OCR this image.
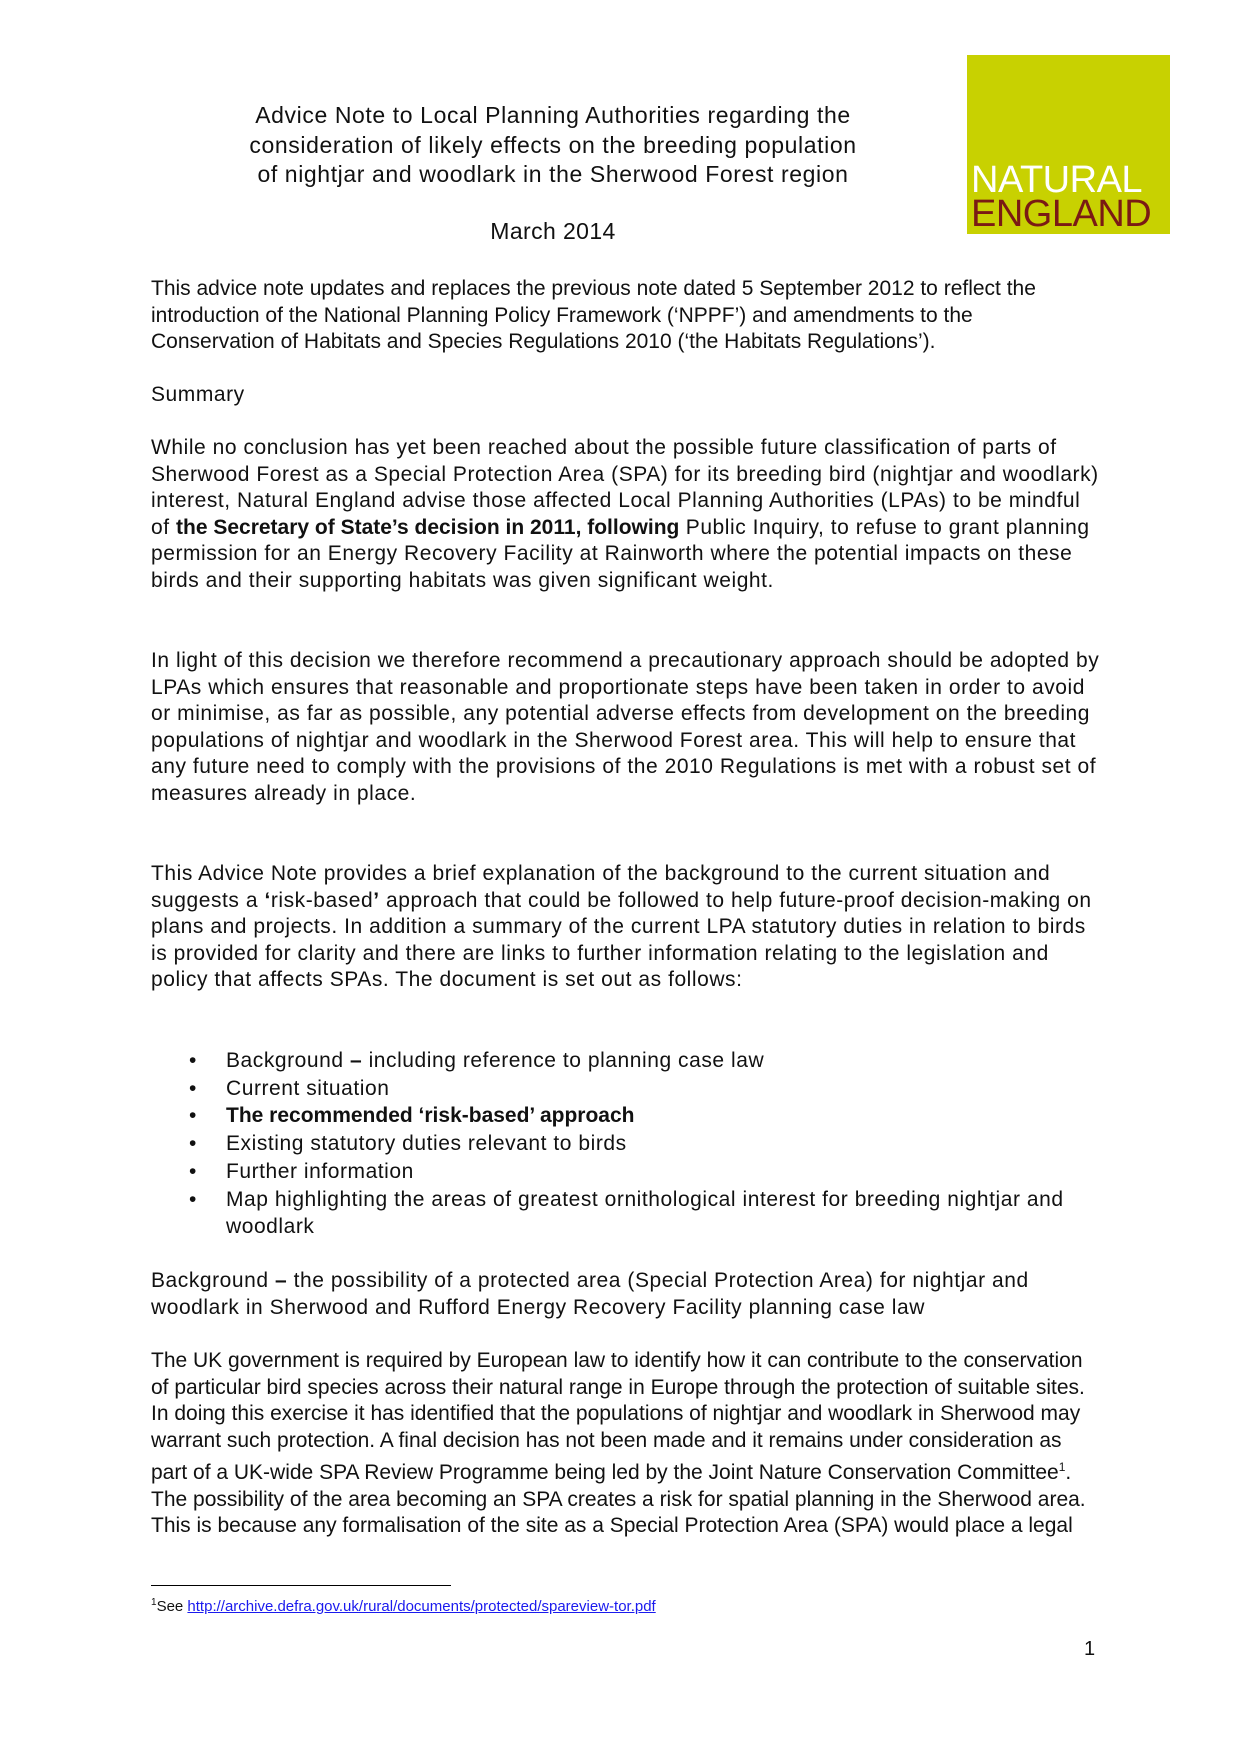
Advice Note to Local Planning Authorities regarding the
consideration of likely effects on the breeding population
of nightjar and woodlark in the Sherwood Forest region
March 2014
NATURAL
ENGLAND

This advice note updates and replaces the previous note dated 5 September 2012 to reflect the introduction of the National Planning Policy Framework (‘NPPF’) and amendments to the Conservation of Habitats and Species Regulations 2010 (‘the Habitats Regulations’).

Summary

While no conclusion has yet been reached about the possible future classification of parts of Sherwood Forest as a Special Protection Area (SPA) for its breeding bird (nightjar and woodlark) interest, Natural England advise those affected Local Planning Authorities (LPAs) to be mindful of the Secretary of State’s decision in 2011, following Public Inquiry, to refuse to grant planning permission for an Energy Recovery Facility at Rainworth where the potential impacts on these birds and their supporting habitats was given significant weight.

In light of this decision we therefore recommend a precautionary approach should be adopted by LPAs which ensures that reasonable and proportionate steps have been taken in order to avoid or minimise, as far as possible, any potential adverse effects from development on the breeding populations of nightjar and woodlark in the Sherwood Forest area. This will help to ensure that any future need to comply with the provisions of the 2010 Regulations is met with a robust set of measures already in place.

This Advice Note provides a brief explanation of the background to the current situation and suggests a ‘risk-based’ approach that could be followed to help future-proof decision-making on plans and projects. In addition a summary of the current LPA statutory duties in relation to birds is provided for clarity and there are links to further information relating to the legislation and policy that affects SPAs. The document is set out as follows:

• Background – including reference to planning case law
• Current situation
• The recommended ‘risk-based’ approach
• Existing statutory duties relevant to birds
• Further information
• Map highlighting the areas of greatest ornithological interest for breeding nightjar and woodlark

Background – the possibility of a protected area (Special Protection Area) for nightjar and woodlark in Sherwood and Rufford Energy Recovery Facility planning case law

The UK government is required by European law to identify how it can contribute to the conservation of particular bird species across their natural range in Europe through the protection of suitable sites. In doing this exercise it has identified that the populations of nightjar and woodlark in Sherwood may warrant such protection. A final decision has not been made and it remains under consideration as part of a UK-wide SPA Review Programme being led by the Joint Nature Conservation Committee$^1$. The possibility of the area becoming an SPA creates a risk for spatial planning in the Sherwood area. This is because any formalisation of the site as a Special Protection Area (SPA) would place a legal

$^1$See http://archive.defra.gov.uk/rural/documents/protected/spareview-tor.pdf
1
